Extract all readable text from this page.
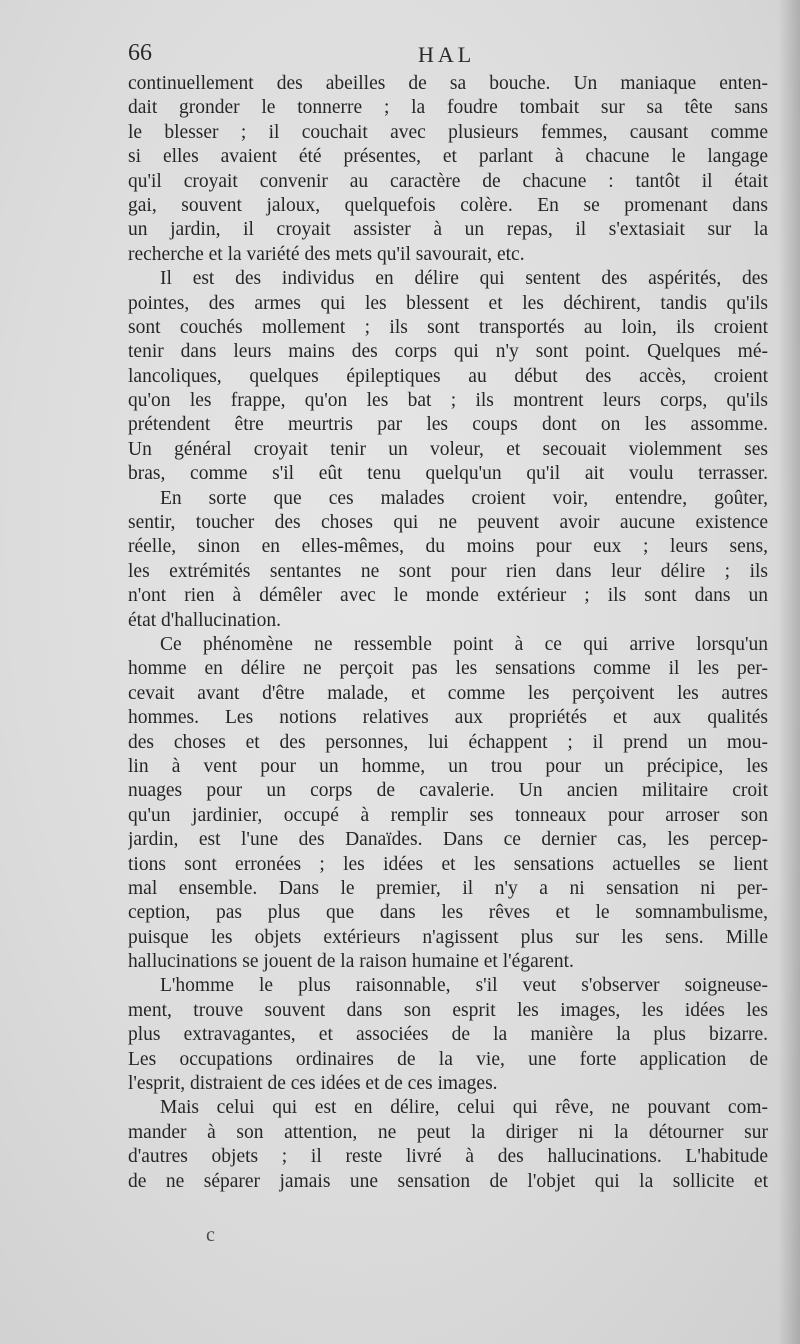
66	HAL
continuellement des abeilles de sa bouche. Un maniaque enten-
dait gronder le tonnerre ; la foudre tombait sur sa tête sans
le blesser ; il couchait avec plusieurs femmes, causant comme
si elles avaient été présentes, et parlant à chacune le langage
qu'il croyait convenir au caractère de chacune : tantôt il était
gai, souvent jaloux, quelquefois colère. En se promenant dans
un jardin, il croyait assister à un repas, il s'extasiait sur la
recherche et la variété des mets qu'il savourait, etc.
Il est des individus en délire qui sentent des aspérités, des
pointes, des armes qui les blessent et les déchirent, tandis qu'ils
sont couchés mollement ; ils sont transportés au loin, ils croient
tenir dans leurs mains des corps qui n'y sont point. Quelques mé-
lancoliques, quelques épileptiques au début des accès, croient
qu'on les frappe, qu'on les bat ; ils montrent leurs corps, qu'ils
prétendent être meurtris par les coups dont on les assomme.
Un général croyait tenir un voleur, et secouait violemment ses
bras, comme s'il eût tenu quelqu'un qu'il ait voulu terrasser.
En sorte que ces malades croient voir, entendre, goûter,
sentir, toucher des choses qui ne peuvent avoir aucune existence
réelle, sinon en elles-mêmes, du moins pour eux ; leurs sens,
les extrémités sentantes ne sont pour rien dans leur délire ; ils
n'ont rien à démêler avec le monde extérieur ; ils sont dans un
état d'hallucination.
Ce phénomène ne ressemble point à ce qui arrive lorsqu'un
homme en délire ne perçoit pas les sensations comme il les per-
cevait avant d'être malade, et comme les perçoivent les autres
hommes. Les notions relatives aux propriétés et aux qualités
des choses et des personnes, lui échappent ; il prend un mou-
lin à vent pour un homme, un trou pour un précipice, les
nuages pour un corps de cavalerie. Un ancien militaire croit
qu'un jardinier, occupé à remplir ses tonneaux pour arroser son
jardin, est l'une des Danaïdes. Dans ce dernier cas, les percep-
tions sont erronées ; les idées et les sensations actuelles se lient
mal ensemble. Dans le premier, il n'y a ni sensation ni per-
ception, pas plus que dans les rêves et le somnambulisme,
puisque les objets extérieurs n'agissent plus sur les sens. Mille
hallucinations se jouent de la raison humaine et l'égarent.
L'homme le plus raisonnable, s'il veut s'observer soigneuse-
ment, trouve souvent dans son esprit les images, les idées les
plus extravagantes, et associées de la manière la plus bizarre.
Les occupations ordinaires de la vie, une forte application de
l'esprit, distraient de ces idées et de ces images.
Mais celui qui est en délire, celui qui rêve, ne pouvant com-
mander à son attention, ne peut la diriger ni la détourner sur
d'autres objets ; il reste livré à des hallucinations. L'habitude
de ne séparer jamais une sensation de l'objet qui la sollicite et
c
